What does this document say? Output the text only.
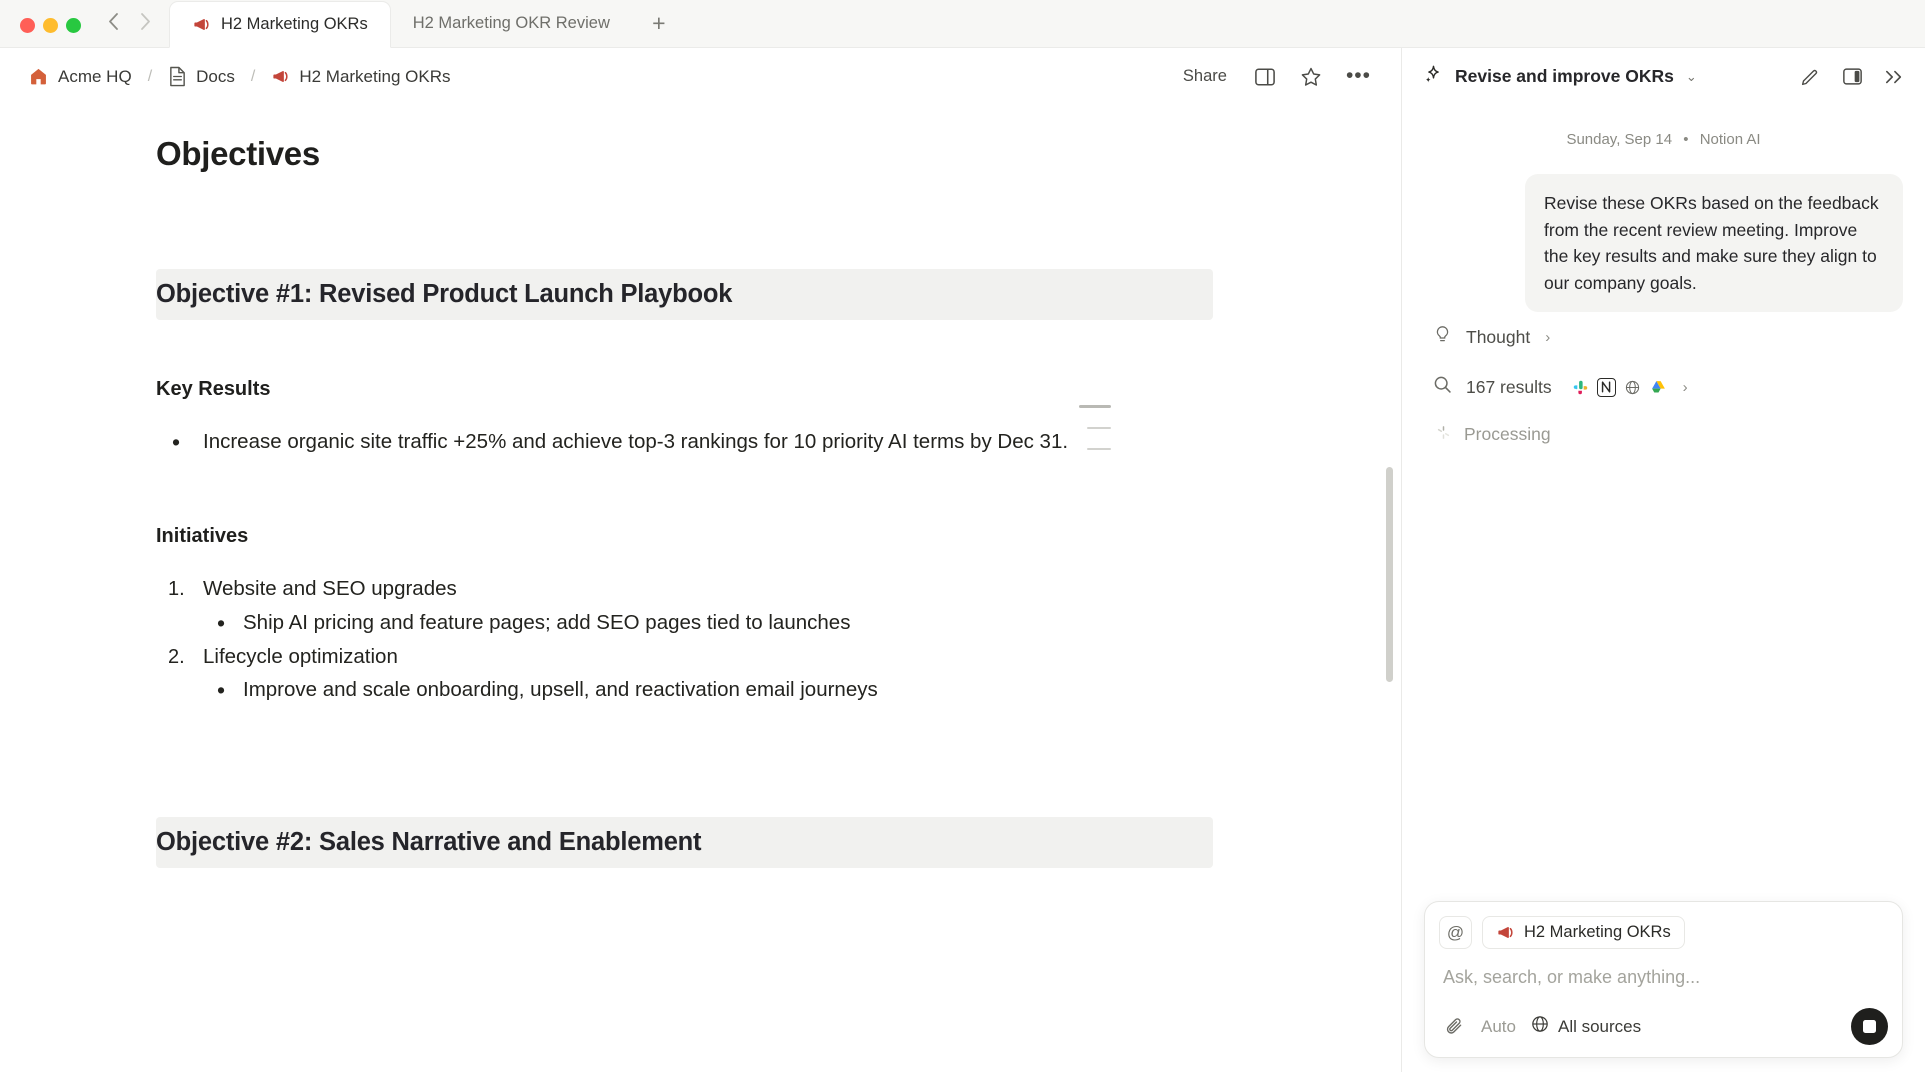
H2 Marketing OKRs	H2 Marketing OKR Review	+
Acme HQ /	Docs /	H2 Marketing OKRs	Share	•••
Objectives
Objective #1: Revised Product Launch Playbook
Key Results
• Increase organic site traffic +25% and achieve top-3 rankings for 10 priority AI terms by Dec 31.
Initiatives
1. Website and SEO upgrades
• Ship AI pricing and feature pages; add SEO pages tied to launches
2. Lifecycle optimization
• Improve and scale onboarding, upsell, and reactivation email journeys
Objective #2: Sales Narrative and Enablement
Revise and improve OKRs ⌄
Sunday, Sep 14 • Notion AI
Revise these OKRs based on the feedback from the recent review meeting. Improve the key results and make sure they align to our company goals.
Thought ›
167 results	›
Processing
@	H2 Marketing OKRs
Ask, search, or make anything...
Auto All sources
